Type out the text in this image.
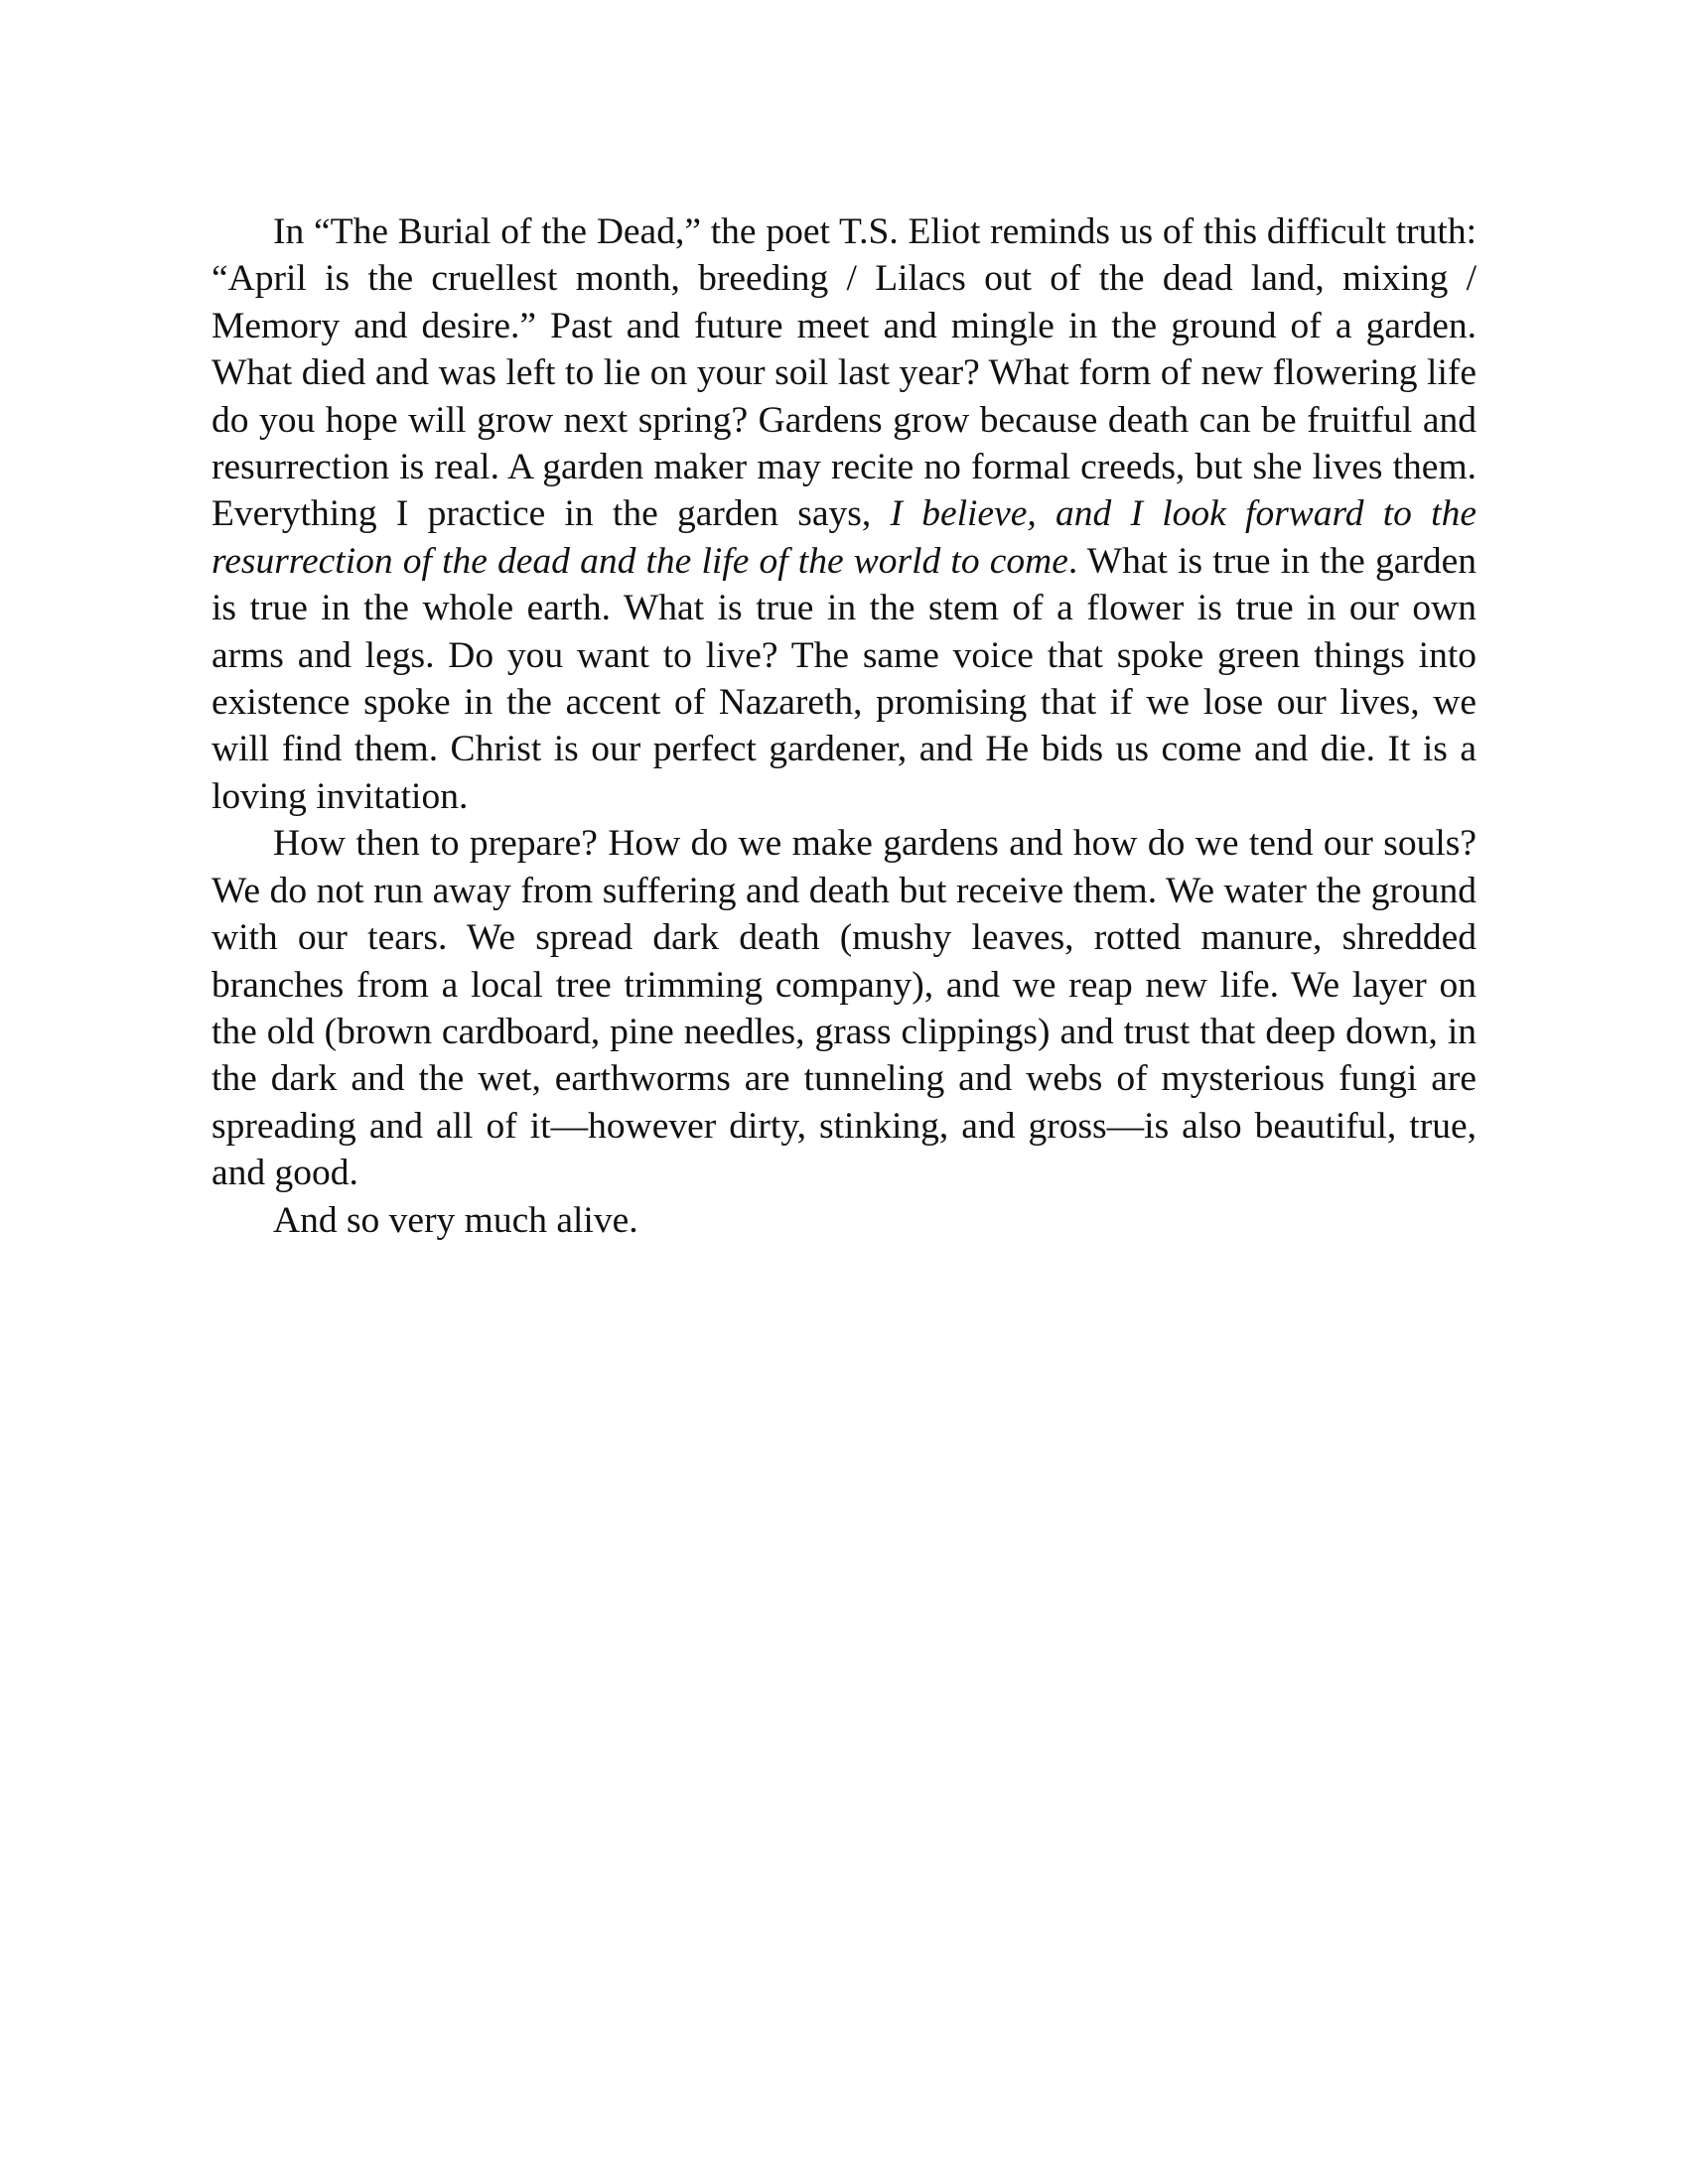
In “The Burial of the Dead,” the poet T.S. Eliot reminds us of this difficult truth: “April is the cruellest month, breeding / Lilacs out of the dead land, mixing / Memory and desire.” Past and future meet and mingle in the ground of a garden. What died and was left to lie on your soil last year? What form of new flowering life do you hope will grow next spring? Gardens grow because death can be fruitful and resurrection is real. A garden maker may recite no formal creeds, but she lives them. Everything I practice in the garden says, I believe, and I look forward to the resurrection of the dead and the life of the world to come. What is true in the garden is true in the whole earth. What is true in the stem of a flower is true in our own arms and legs. Do you want to live? The same voice that spoke green things into existence spoke in the accent of Nazareth, promising that if we lose our lives, we will find them. Christ is our perfect gardener, and He bids us come and die. It is a loving invitation.

How then to prepare? How do we make gardens and how do we tend our souls? We do not run away from suffering and death but receive them. We water the ground with our tears. We spread dark death (mushy leaves, rotted manure, shredded branches from a local tree trimming company), and we reap new life. We layer on the old (brown cardboard, pine needles, grass clippings) and trust that deep down, in the dark and the wet, earthworms are tunneling and webs of mysterious fungi are spreading and all of it—however dirty, stinking, and gross—is also beautiful, true, and good.

And so very much alive.
